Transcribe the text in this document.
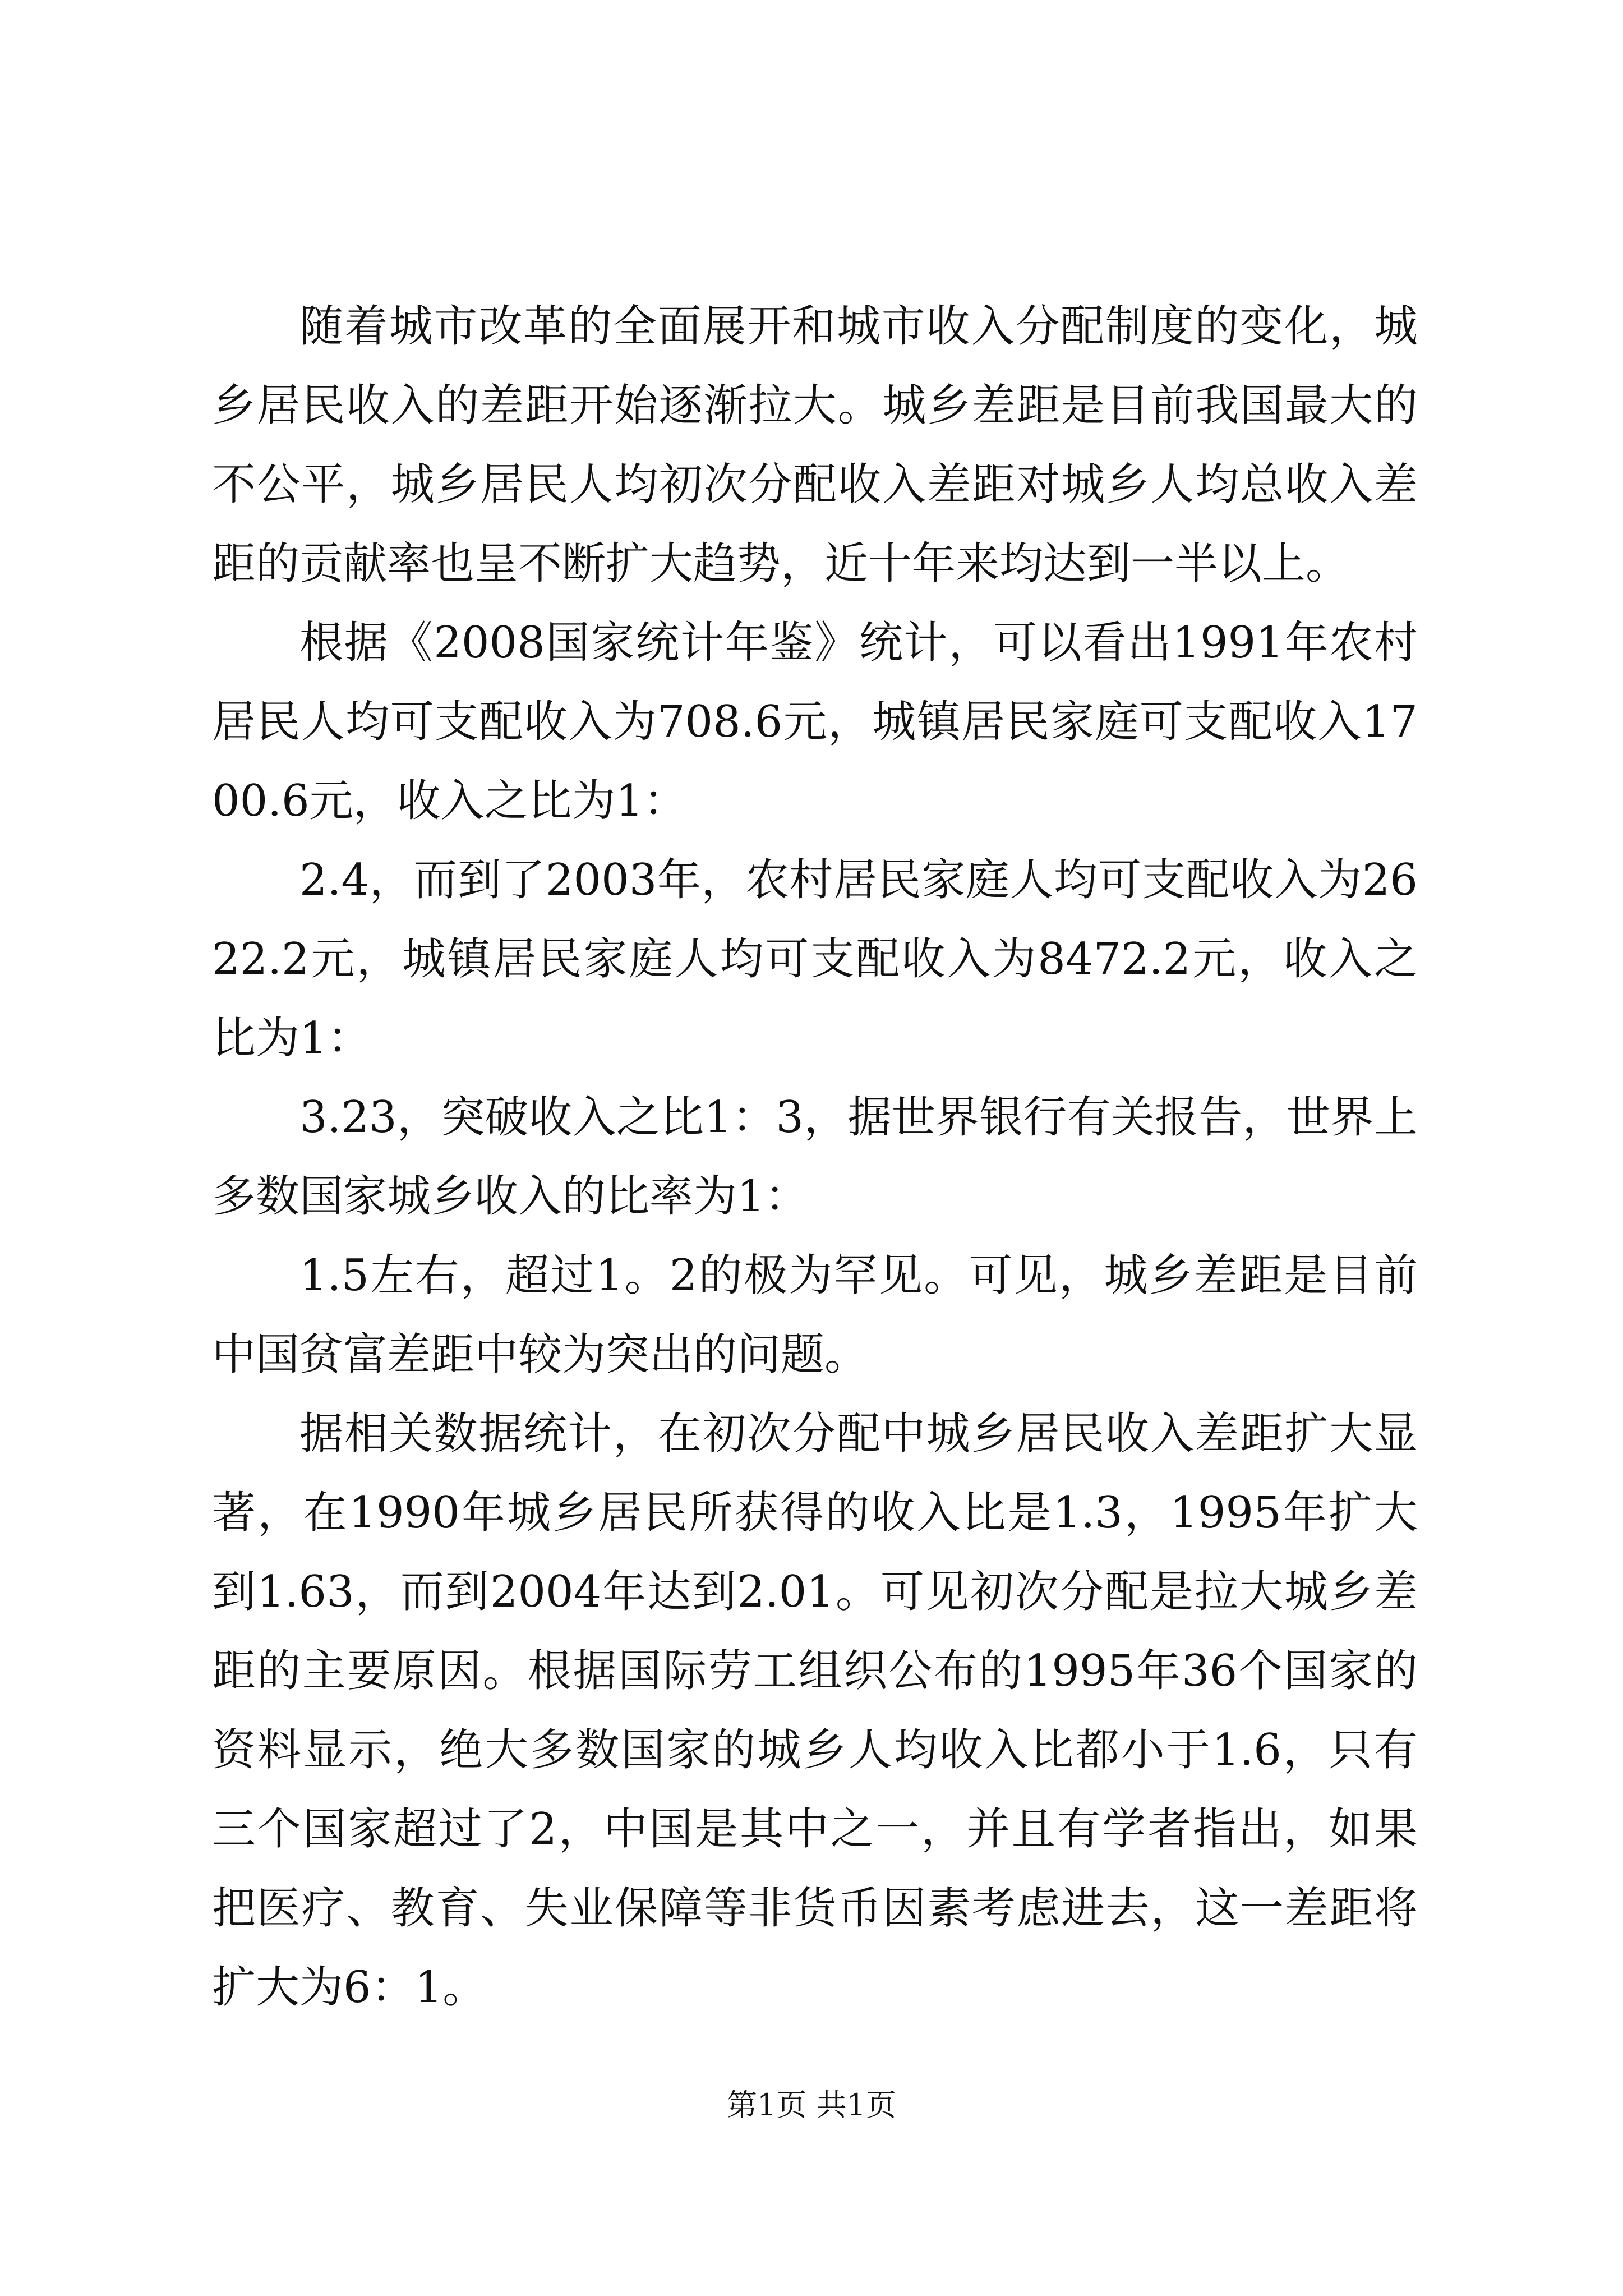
随着城市改革的全面展开和城市收入分配制度的变化，城乡居民收入的差距开始逐渐拉大。城乡差距是目前我国最大的不公平，城乡居民人均初次分配收入差距对城乡人均总收入差距的贡献率也呈不断扩大趋势，近十年来均达到一半以上。

根据《2008国家统计年鉴》统计，可以看出1991年农村居民人均可支配收入为708.6元，城镇居民家庭可支配收入1700.6元，收入之比为1：

2.4，而到了2003年，农村居民家庭人均可支配收入为2622.2元，城镇居民家庭人均可支配收入为8472.2元，收入之比为1：

3.23，突破收入之比1：3，据世界银行有关报告，世界上多数国家城乡收入的比率为1：

1.5左右，超过1。2的极为罕见。可见，城乡差距是目前中国贫富差距中较为突出的问题。

据相关数据统计，在初次分配中城乡居民收入差距扩大显著，在1990年城乡居民所获得的收入比是1.3，1995年扩大到1.63，而到2004年达到2.01。可见初次分配是拉大城乡差距的主要原因。根据国际劳工组织公布的1995年36个国家的资料显示，绝大多数国家的城乡人均收入比都小于1.6，只有三个国家超过了2，中国是其中之一，并且有学者指出，如果把医疗、教育、失业保障等非货币因素考虑进去，这一差距将扩大为6：1。

第1页 共1页
